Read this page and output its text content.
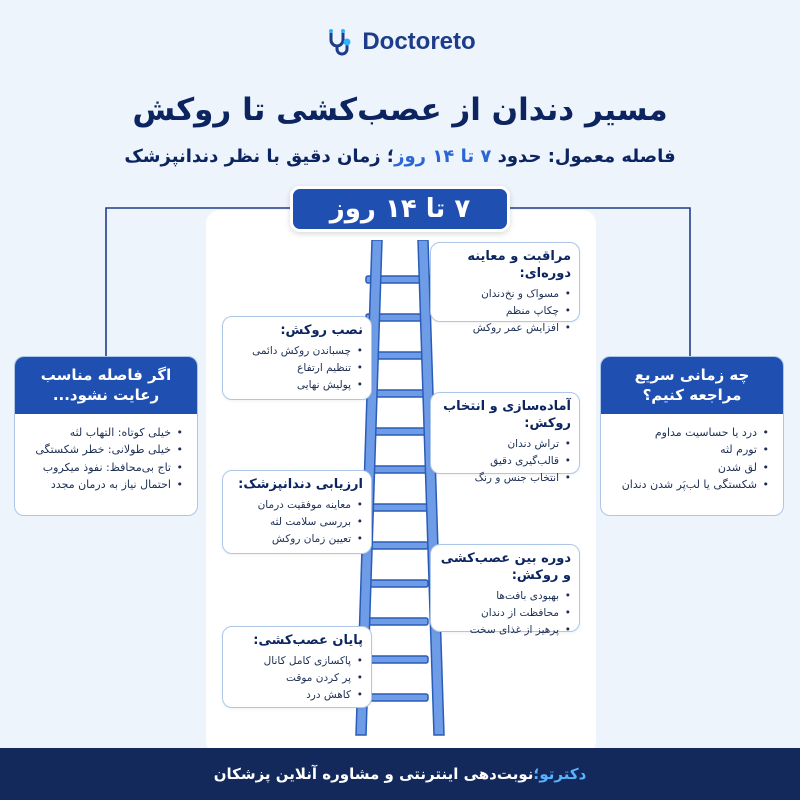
Doctoreto
مسیر دندان از عصب‌کشی تا روکش
فاصله معمول: حدود ۷ تا ۱۴ روز؛ زمان دقیق با نظر دندانپزشک
۷ تا ۱۴ روز
مراقبت و معاینه دوره‌ای:
• مسواک و نخ‌دندان
• چکاپ منظم
• افزایش عمر روکش
نصب روکش:
• چسباندن روکش دائمی
• تنظیم ارتفاع
• پولیش نهایی
آماده‌سازی و انتخاب روکش:
• تراش دندان
• قالب‌گیری دقیق
• انتخاب جنس و رنگ
ارزیابی دندانپزشک:
• معاینه موفقیت درمان
• بررسی سلامت لثه
• تعیین زمان روکش
دوره بین عصب‌کشی و روکش:
• بهبودی بافت‌ها
• محافظت از دندان
• پرهیز از غذای سخت
پایان عصب‌کشی:
• پاکسازی کامل کانال
• پر کردن موقت
• کاهش درد
اگر فاصله مناسب رعایت نشود...
• خیلی کوتاه: التهاب لثه
• خیلی طولانی: خطر شکستگی
• تاج بی‌محافظ: نفوذ میکروب
• احتمال نیاز به درمان مجدد
چه زمانی سریع مراجعه کنیم؟
• درد یا حساسیت مداوم
• تورم لثه
• لق شدن
• شکستگی یا لب‌پَر شدن دندان
دکترتو؛
نوبت‌دهی اینترنتی و مشاوره آنلاین پزشکان
